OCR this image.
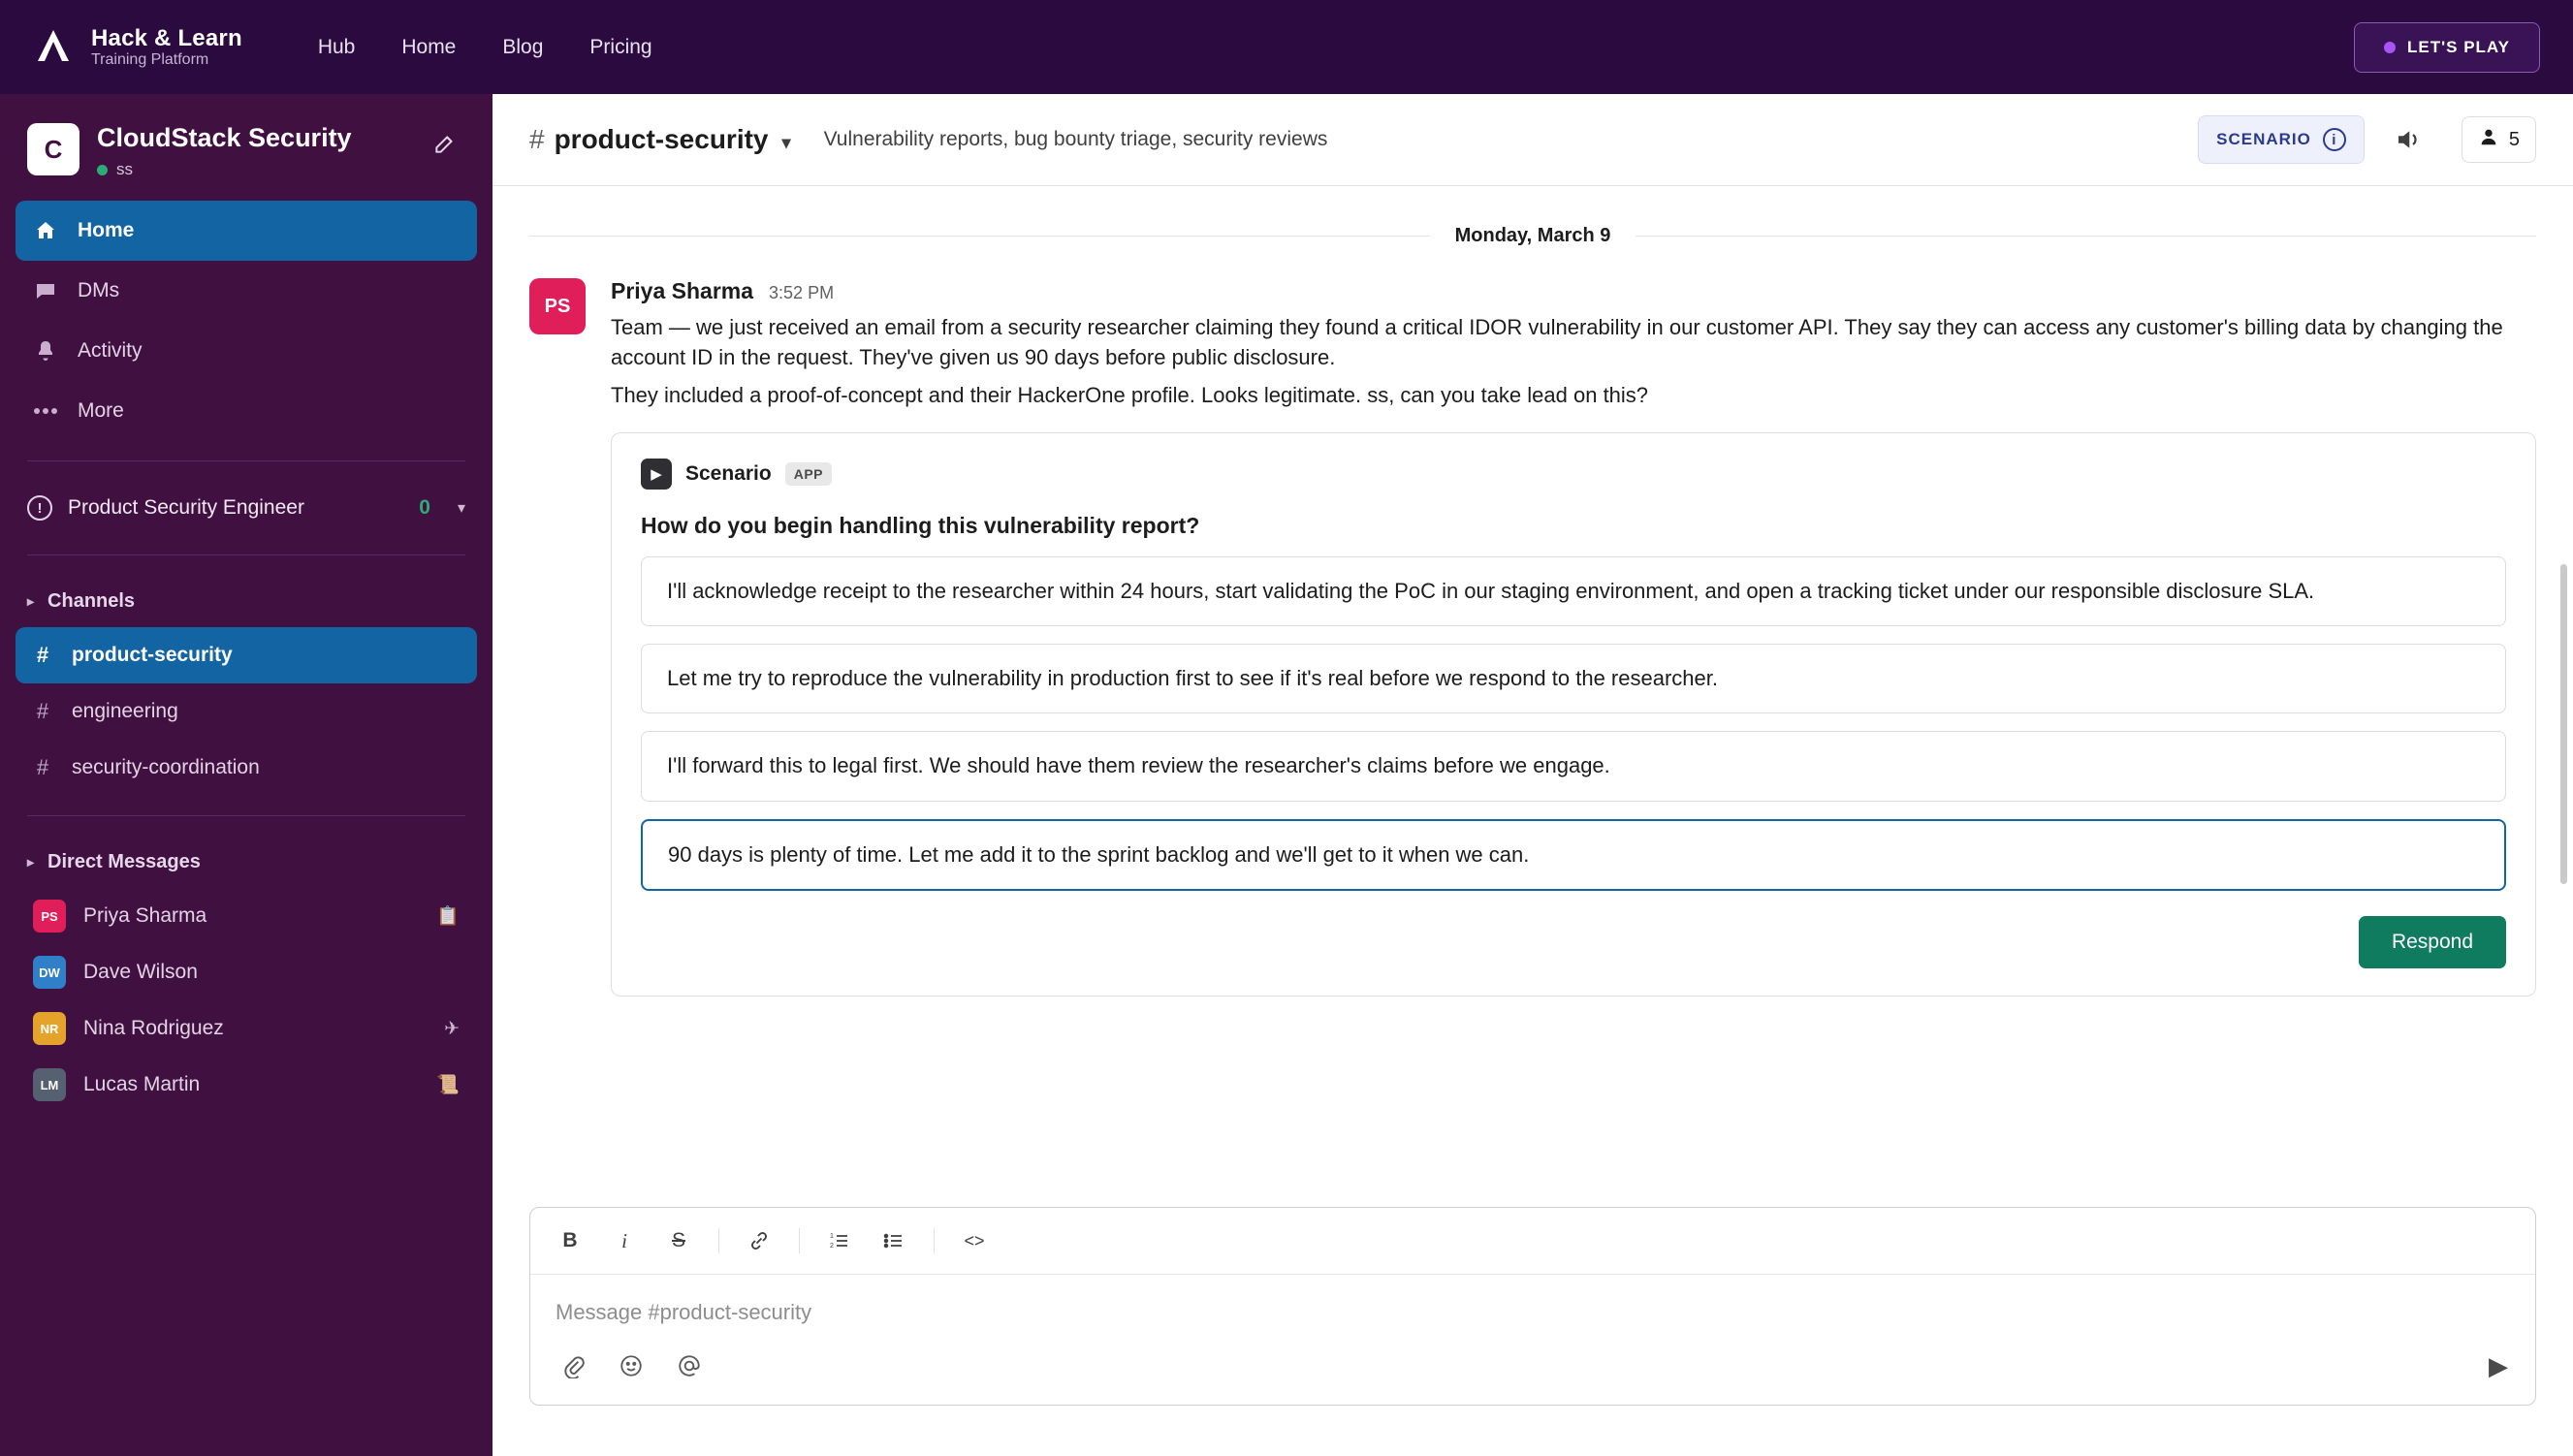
Hack & Learn
Training Platform
Hub Home Blog Pricing	LET'S PLAY
C	CloudStack Security
ss
Home
DMs
Activity
More
!	Product Security Engineer	0 ▾
▸ Channels
# product-security
# engineering
# security-coordination
▸ Direct Messages
PS	Priya Sharma	📋
DW Dave Wilson
NR	Nina Rodriguez	✈
LM	Lucas Martin	📜
# product-security ▾ Vulnerability reports, bug bounty triage, security reviews	SCENARIO	i	5
Monday, March 9
PS
Priya Sharma 3:52 PM
Team — we just received an email from a security researcher claiming they found a critical IDOR vulnerability in our customer API. They say they can access any customer's billing data by changing the account ID in the request. They've given us 90 days before public disclosure.
They included a proof-of-concept and their HackerOne profile. Looks legitimate. ss, can you take lead on this?
▶	Scenario	APP
How do you begin handling this vulnerability report?
I'll acknowledge receipt to the researcher within 24 hours, start validating the PoC in our staging environment, and open a tracking ticket under our responsible disclosure SLA.
Let me try to reproduce the vulnerability in production first to see if it's real before we respond to the researcher.
I'll forward this to legal first. We should have them review the researcher's claims before we engage.
90 days is plenty of time. Let me add it to the sprint backlog and we'll get to it when we can.
Respond
B	i	S	1
2	<>
Message #product-security
▶
